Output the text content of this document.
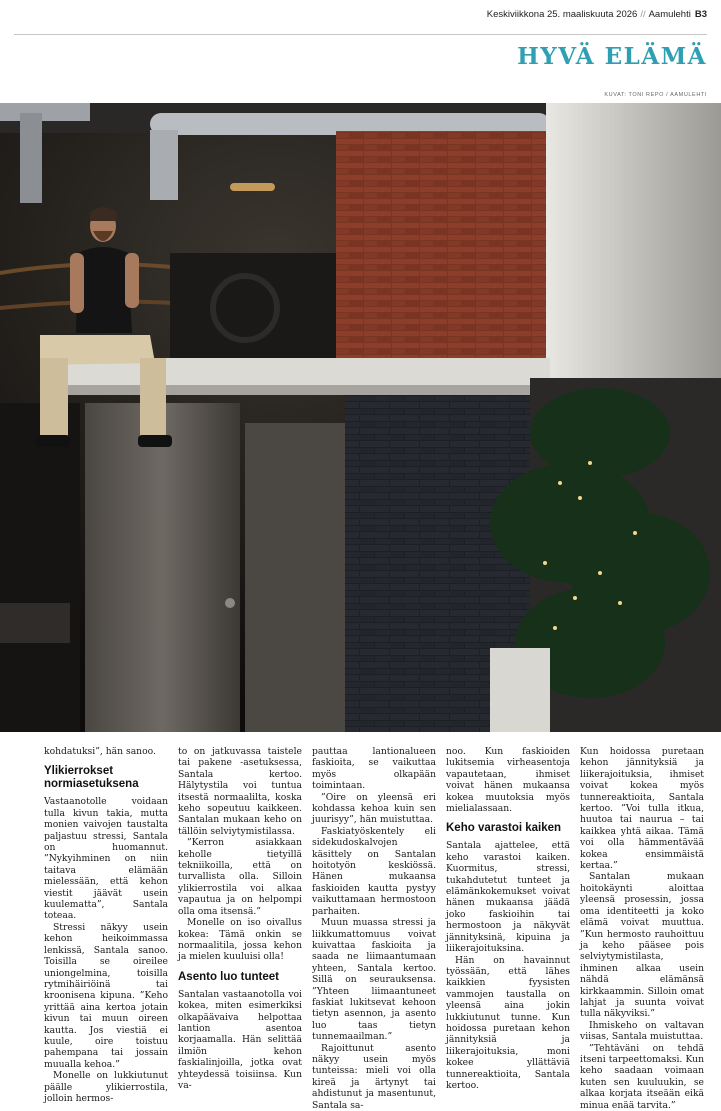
Keskiviikkona 25. maaliskuuta 2026 // Aamulehti B3
HYVÄ ELÄMÄ
KUVAT: TONI REPO / AAMULEHTI

kohdatuksi”, hän sanoo.

Ylikierrokset normiasetuksena

Vastaanotolle voidaan tulla kivun takia, mutta monien vaivojen taustalta paljastuu stressi, Santala on huomannut. ”Nykyihminen on niin taitava elämään mielessään, että kehon viestit jäävät usein kuulematta”, Santala toteaa.

Stressi näkyy usein kehon heikoimmassa lenkissä, Santala sanoo. Toisilla se oireilee uniongelmina, toisilla rytmihäiriöinä tai kroonisena kipuna. ”Keho yrittää aina kertoa jotain kivun tai muun oireen kautta. Jos viestiä ei kuule, oire toistuu pahempana tai jossain muualla kehoa.”

Monelle on lukkiutunut päälle ylikierrostila, jolloin hermos-

to on jatkuvassa taistele tai pakene -asetuksessa, Santala kertoo. Hälytystila voi tuntua itsestä normaalilta, koska keho sopeutuu kaikkeen. Santalan mukaan keho on tällöin selviytymistilassa.

”Kerron asiakkaan keholle tietyillä tekniikoilla, että on turvallista olla. Silloin ylikierrostila voi alkaa vapautua ja on helpompi olla oma itsensä.”

Monelle on iso oivallus kokea: Tämä onkin se normaalitila, jossa kehon ja mielen kuuluisi olla!

Asento luo tunteet

Santalan vastaanotolla voi kokea, miten esimerkiksi olkapäävaiva helpottaa lantion asentoa korjaamalla. Hän selittää ilmiön kehon faskialinjoilla, jotka ovat yhteydessä toisiinsa. Kun va-

pauttaa lantionalueen faskioita, se vaikuttaa myös olkapään toimintaan.

”Oire on yleensä eri kohdassa kehoa kuin sen juurisyy”, hän muistuttaa.

Faskiatyöskentely eli sidekudoskalvojen käsittely on Santalan hoitotyön keskiössä. Hänen mukaansa faskioiden kautta pystyy vaikuttamaan hermostoon parhaiten.

Muun muassa stressi ja liikkumattomuus voivat kuivattaa faskioita ja saada ne liimaantumaan yhteen, Santala kertoo. Sillä on seurauksensa. ”Yhteen liimaantuneet faskiat lukitsevat kehoon tietyn asennon, ja asento luo taas tietyn tunnemaailman.”

Rajoittunut asento näkyy usein myös tunteissa: mieli voi olla kireä ja ärtynyt tai ahdistunut ja masentunut, Santala sa-

noo. Kun faskioiden lukitsemia virheasentoja vapautetaan, ihmiset voivat hänen mukaansa kokea muutoksia myös mielialassaan.

Keho varastoi kaiken

Santala ajattelee, että keho varastoi kaiken. Kuormitus, stressi, tukahdutetut tunteet ja elämänkokemukset voivat hänen mukaansa jäädä joko faskioihin tai hermostoon ja näkyvät jännityksinä, kipuina ja liikerajoituksina.

Hän on havainnut työssään, että lähes kaikkien fyysisten vammojen taustalla on yleensä aina jokin lukkiutunut tunne. Kun hoidossa puretaan kehon jännityksiä ja liikerajoituksia, moni kokee yllättäviä tunnereaktioita, Santala kertoo.

Kun hoidossa puretaan kehon jännityksiä ja liikerajoituksia, ihmiset voivat kokea myös tunnereaktioita, Santala kertoo. ”Voi tulla itkua, huutoa tai naurua – tai kaikkea yhtä aikaa. Tämä voi olla hämmentävää kokea ensimmäistä kertaa.”

Santalan mukaan hoitokäynti aloittaa yleensä prosessin, jossa oma identiteetti ja koko elämä voivat muuttua. ”Kun hermosto rauhoittuu ja keho pääsee pois selviytymistilasta, ihminen alkaa usein nähdä elämänsä kirkkaammin. Silloin omat lahjat ja suunta voivat tulla näkyviksi.”

Ihmiskeho on valtavan viisas, Santala muistuttaa.

”Tehtäväni on tehdä itseni tarpeettomaksi. Kun keho saadaan voimaan kuten sen kuuluukin, se alkaa korjata itseään eikä minua enää tarvita.”
